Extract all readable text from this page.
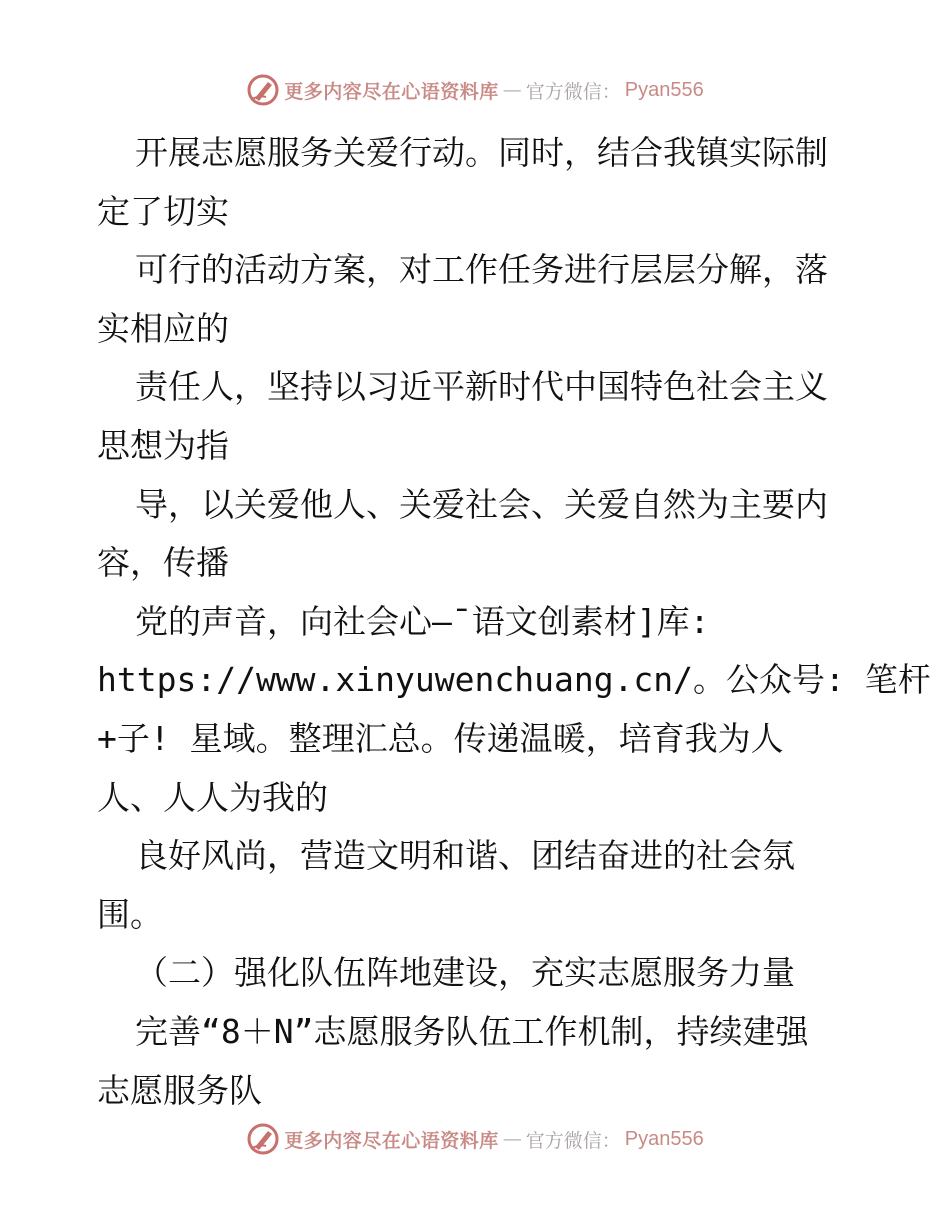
更多内容尽在心语资料库 — 官方微信： Pyan556
开展志愿服务关爱行动。同时，结合我镇实际制
定了切实
可行的活动方案，对工作任务进行层层分解，落
实相应的
责任人，坚持以习近平新时代中国特色社会主义
思想为指
导，以关爱他人、关爱社会、关爱自然为主要内
容，传播
党的声音，向社会心—¯语文创素材]库:
https://www.xinyuwenchuang.cn/。公众号: 笔杆
+子! 星域。整理汇总。传递温暖，培育我为人
人、人人为我的
良好风尚，营造文明和谐、团结奋进的社会氛
围。
（二）强化队伍阵地建设，充实志愿服务力量
完善“8＋N”志愿服务队伍工作机制，持续建强
志愿服务队
更多内容尽在心语资料库 — 官方微信： Pyan556
